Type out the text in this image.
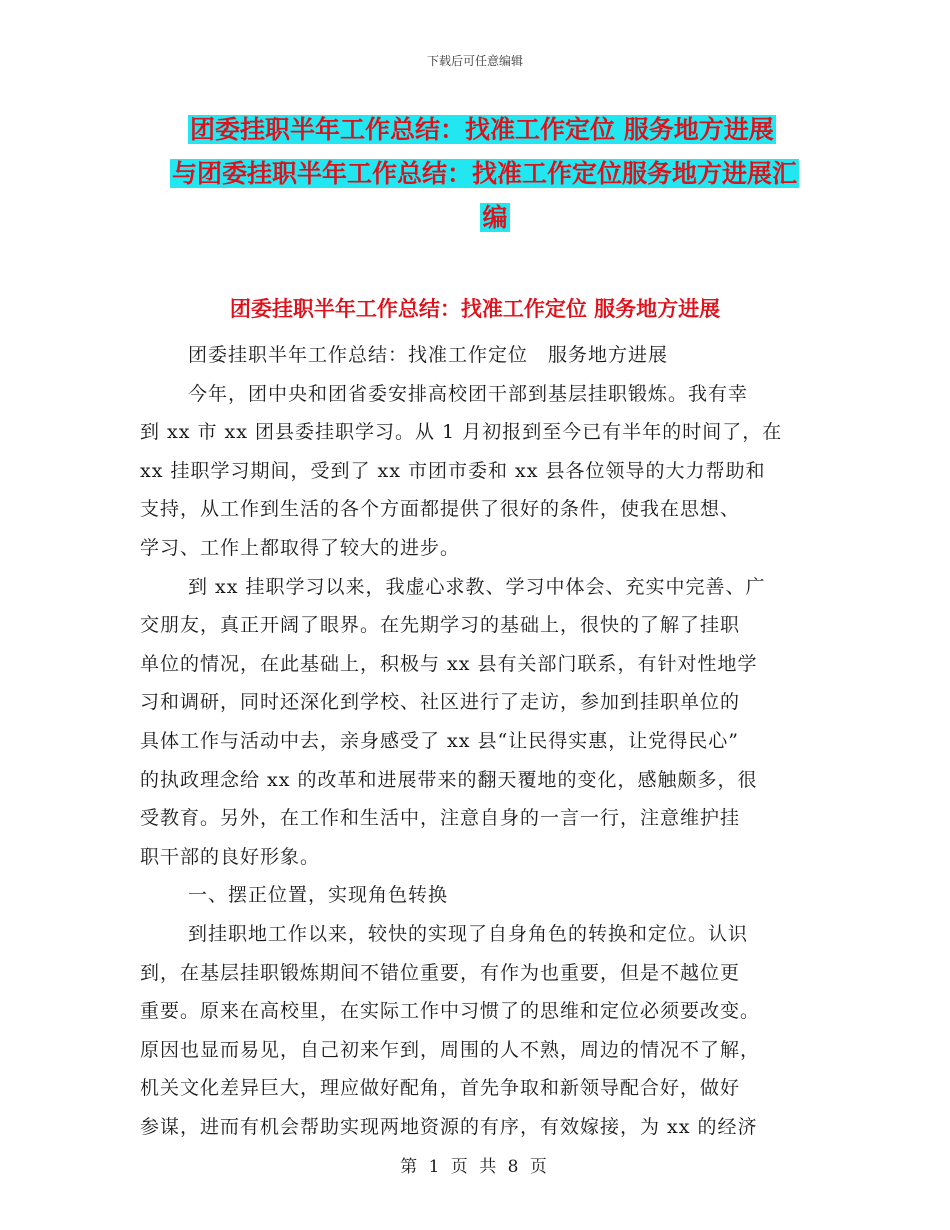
下载后可任意编辑
团委挂职半年工作总结：找准工作定位 服务地方进展
与团委挂职半年工作总结：找准工作定位服务地方进展汇
编
团委挂职半年工作总结：找准工作定位 服务地方进展

团委挂职半年工作总结：找准工作定位　服务地方进展

今年，团中央和团省委安排高校团干部到基层挂职锻炼。我有幸
到 xx 市 xx 团县委挂职学习。从 1 月初报到至今已有半年的时间了，在
xx 挂职学习期间，受到了 xx 市团市委和 xx 县各位领导的大力帮助和
支持，从工作到生活的各个方面都提供了很好的条件，使我在思想、
学习、工作上都取得了较大的进步。

到 xx 挂职学习以来，我虚心求教、学习中体会、充实中完善、广
交朋友，真正开阔了眼界。在先期学习的基础上，很快的了解了挂职
单位的情况，在此基础上，积极与 xx 县有关部门联系，有针对性地学
习和调研，同时还深化到学校、社区进行了走访，参加到挂职单位的
具体工作与活动中去，亲身感受了 xx 县“让民得实惠，让党得民心”
的执政理念给 xx 的改革和进展带来的翻天覆地的变化，感触颇多，很
受教育。另外，在工作和生活中，注意自身的一言一行，注意维护挂
职干部的良好形象。

一、摆正位置，实现角色转换

到挂职地工作以来，较快的实现了自身角色的转换和定位。认识
到，在基层挂职锻炼期间不错位重要，有作为也重要，但是不越位更
重要。原来在高校里，在实际工作中习惯了的思维和定位必须要改变。
原因也显而易见，自己初来乍到，周围的人不熟，周边的情况不了解，
机关文化差异巨大，理应做好配角，首先争取和新领导配合好，做好
参谋，进而有机会帮助实现两地资源的有序，有效嫁接，为 xx 的经济

第 1 页 共 8 页
